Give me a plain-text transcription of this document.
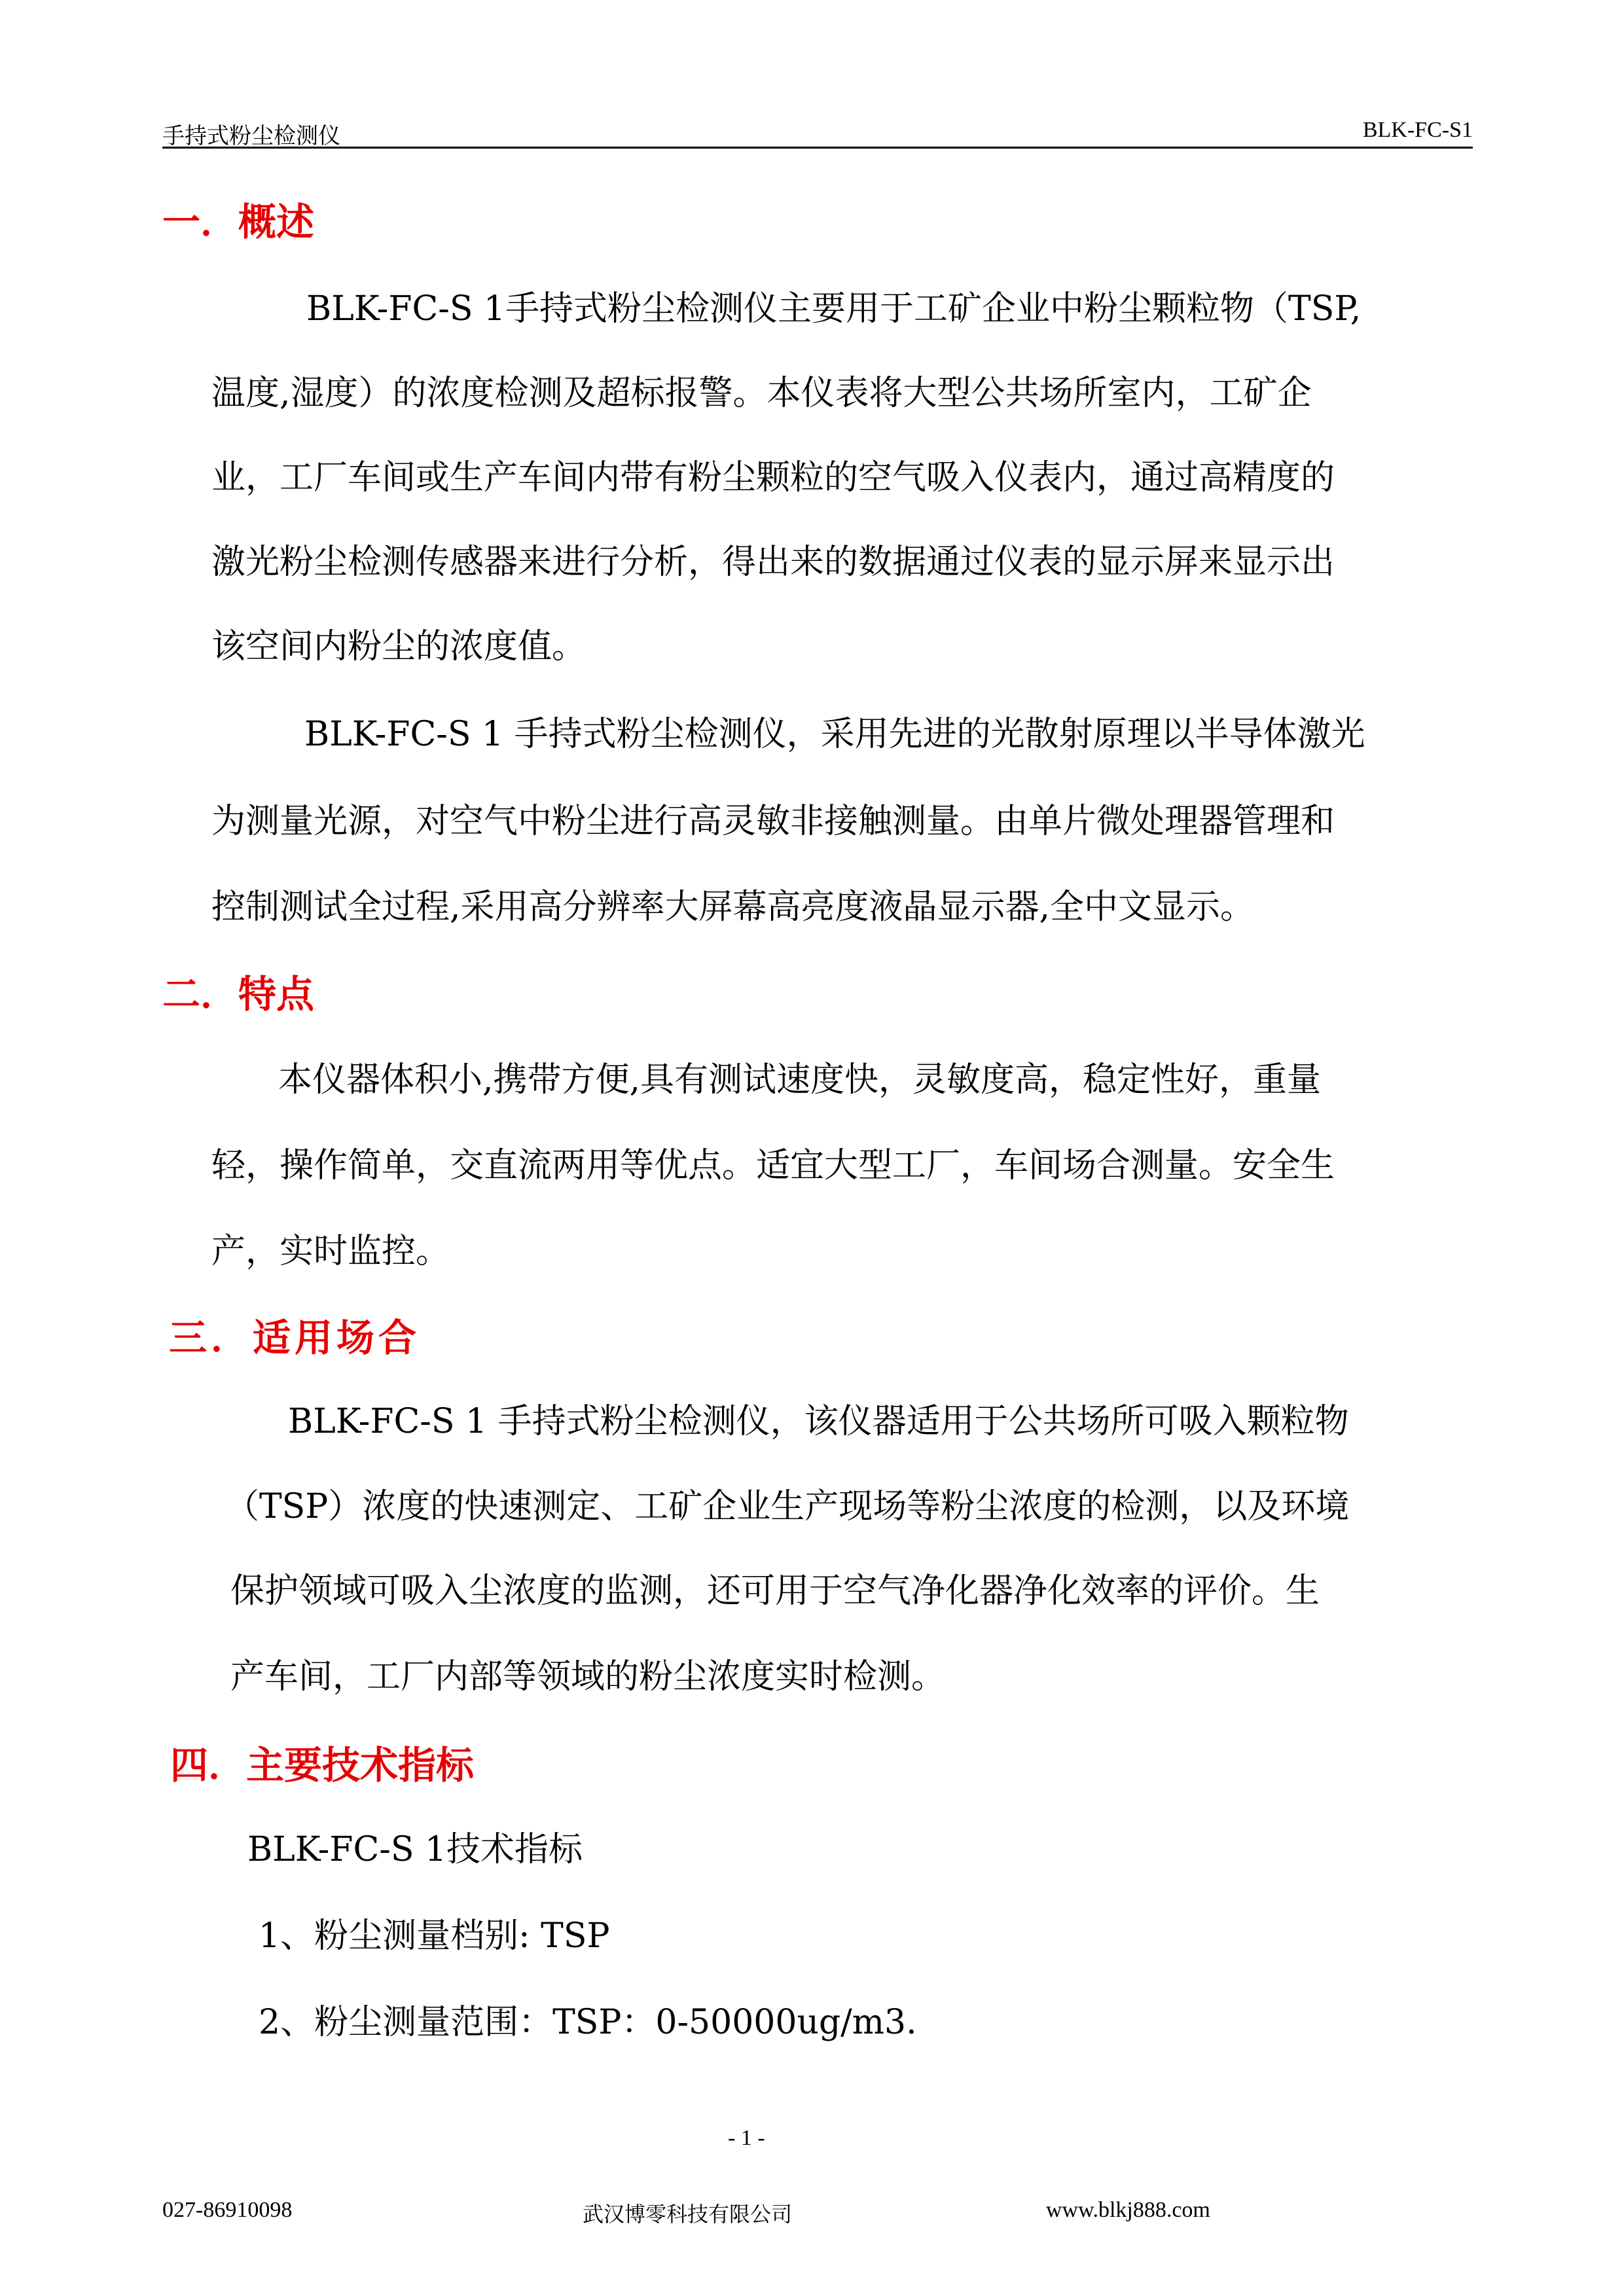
手持式粉尘检测仪	BLK-FC-S1
一．概述

BLK-FC-S 1手持式粉尘检测仪主要用于工矿企业中粉尘颗粒物（TSP,

温度,湿度）的浓度检测及超标报警。本仪表将大型公共场所室内，工矿企

业，工厂车间或生产车间内带有粉尘颗粒的空气吸入仪表内，通过高精度的

激光粉尘检测传感器来进行分析，得出来的数据通过仪表的显示屏来显示出

该空间内粉尘的浓度值。

BLK-FC-S 1 手持式粉尘检测仪，采用先进的光散射原理以半导体激光

为测量光源，对空气中粉尘进行高灵敏非接触测量。由单片微处理器管理和

控制测试全过程,采用高分辨率大屏幕高亮度液晶显示器,全中文显示。

二．特点

本仪器体积小,携带方便,具有测试速度快，灵敏度高，稳定性好，重量

轻，操作简单，交直流两用等优点。适宜大型工厂，车间场合测量。安全生

产，实时监控。

三．适用场合

BLK-FC-S 1 手持式粉尘检测仪，该仪器适用于公共场所可吸入颗粒物

（TSP）浓度的快速测定、工矿企业生产现场等粉尘浓度的检测，以及环境

保护领域可吸入尘浓度的监测，还可用于空气净化器净化效率的评价。生

产车间，工厂内部等领域的粉尘浓度实时检测。

四．主要技术指标

BLK-FC-S 1技术指标

1、粉尘测量档别: TSP

2、粉尘测量范围：TSP：0-50000ug/m3.

- 1 -
027-86910098	武汉博零科技有限公司	www.blkj888.com
